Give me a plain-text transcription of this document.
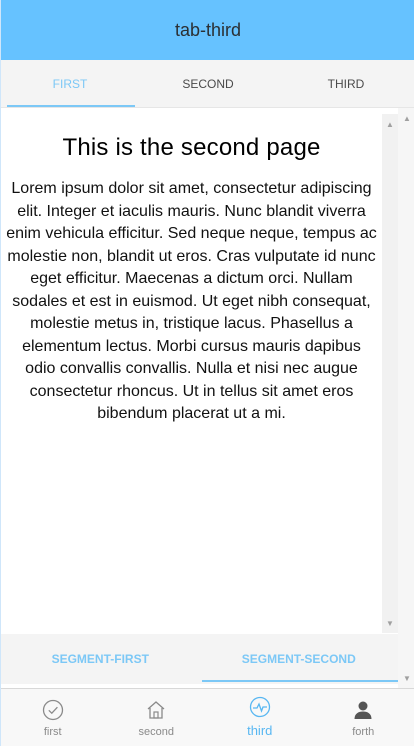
tab-third
FIRST	SECOND	THIRD
This is the second page

Lorem ipsum dolor sit amet, consectetur adipiscing elit. Integer et iaculis mauris. Nunc blandit viverra enim vehicula efficitur. Sed neque neque, tempus ac molestie non, blandit ut eros. Cras vulputate id nunc eget efficitur. Maecenas a dictum orci. Nullam sodales et est in euismod. Ut eget nibh consequat, molestie metus in, tristique lacus. Phasellus a elementum lectus. Morbi cursus mauris dapibus odio convallis convallis. Nulla et nisi nec augue consectetur rhoncus. Ut in tellus sit amet eros bibendum placerat ut a mi.

▲
▼
▲
▼
SEGMENT-FIRST	SEGMENT-SECOND
first	second	third	forth
